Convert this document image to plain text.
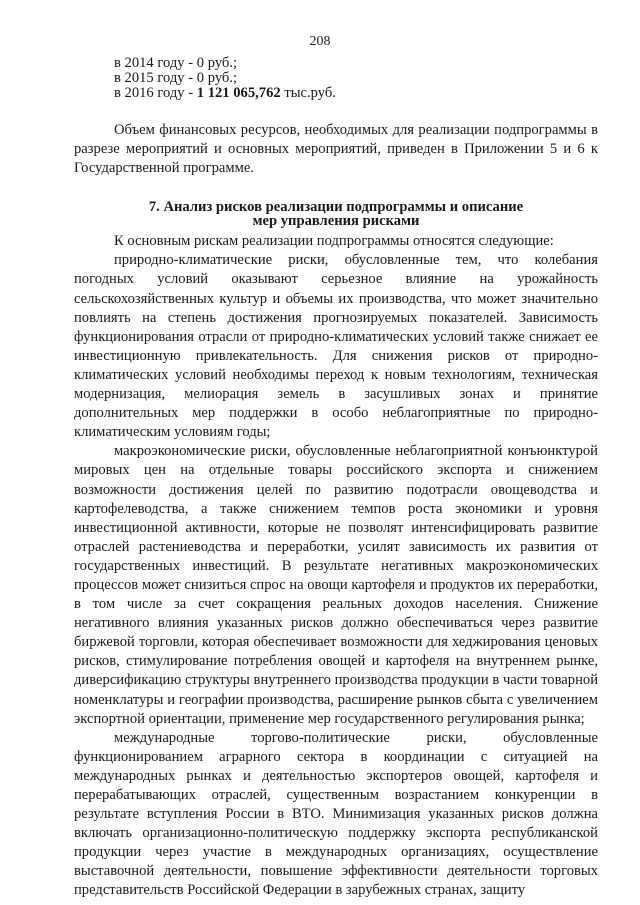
208

в 2014 году - 0 руб.;

в 2015 году - 0 руб.;

в 2016 году - 1 121 065,762 тыс.руб.

Объем финансовых ресурсов, необходимых для реализации подпрограммы в разрезе мероприятий и основных мероприятий, приведен в Приложении 5 и 6 к Государственной программе.

7. Анализ рисков реализации подпрограммы и описание
мер управления рисками

К основным рискам реализации подпрограммы относятся следующие:

природно-климатические риски, обусловленные тем, что колебания погодных условий оказывают серьезное влияние на урожайность сельскохозяйственных культур и объемы их производства, что может значительно повлиять на степень достижения прогнозируемых показателей. Зависимость функционирования отрасли от природно-климатических условий также снижает ее инвестиционную привлекательность. Для снижения рисков от природно-климатических условий необходимы переход к новым технологиям, техническая модернизация, мелиорация земель в засушливых зонах и принятие дополнительных мер поддержки в особо неблагоприятные по природно-климатическим условиям годы;

макроэкономические риски, обусловленные неблагоприятной конъюнктурой мировых цен на отдельные товары российского экспорта и снижением возможности достижения целей по развитию подотрасли овощеводства и картофелеводства, а также снижением темпов роста экономики и уровня инвестиционной активности, которые не позволят интенсифицировать развитие отраслей растениеводства и переработки, усилят зависимость их развития от государственных инвестиций. В результате негативных макроэкономических процессов может снизиться спрос на овощи картофеля и продуктов их переработки, в том числе за счет сокращения реальных доходов населения. Снижение негативного влияния указанных рисков должно обеспечиваться через развитие биржевой торговли, которая обеспечивает возможности для хеджирования ценовых рисков, стимулирование потребления овощей и картофеля на внутреннем рынке, диверсификацию структуры внутреннего производства продукции в части товарной номенклатуры и географии производства, расширение рынков сбыта с увеличением экспортной ориентации, применение мер государственного регулирования рынка;

международные торгово-политические риски, обусловленные функционированием аграрного сектора в координации с ситуацией на международных рынках и деятельностью экспортеров овощей, картофеля и перерабатывающих отраслей, существенным возрастанием конкуренции в результате вступления России в ВТО. Минимизация указанных рисков должна включать организационно-политическую поддержку экспорта республиканской продукции через участие в международных организациях, осуществление выставочной деятельности, повышение эффективности деятельности торговых представительств Российской Федерации в зарубежных странах, защиту
